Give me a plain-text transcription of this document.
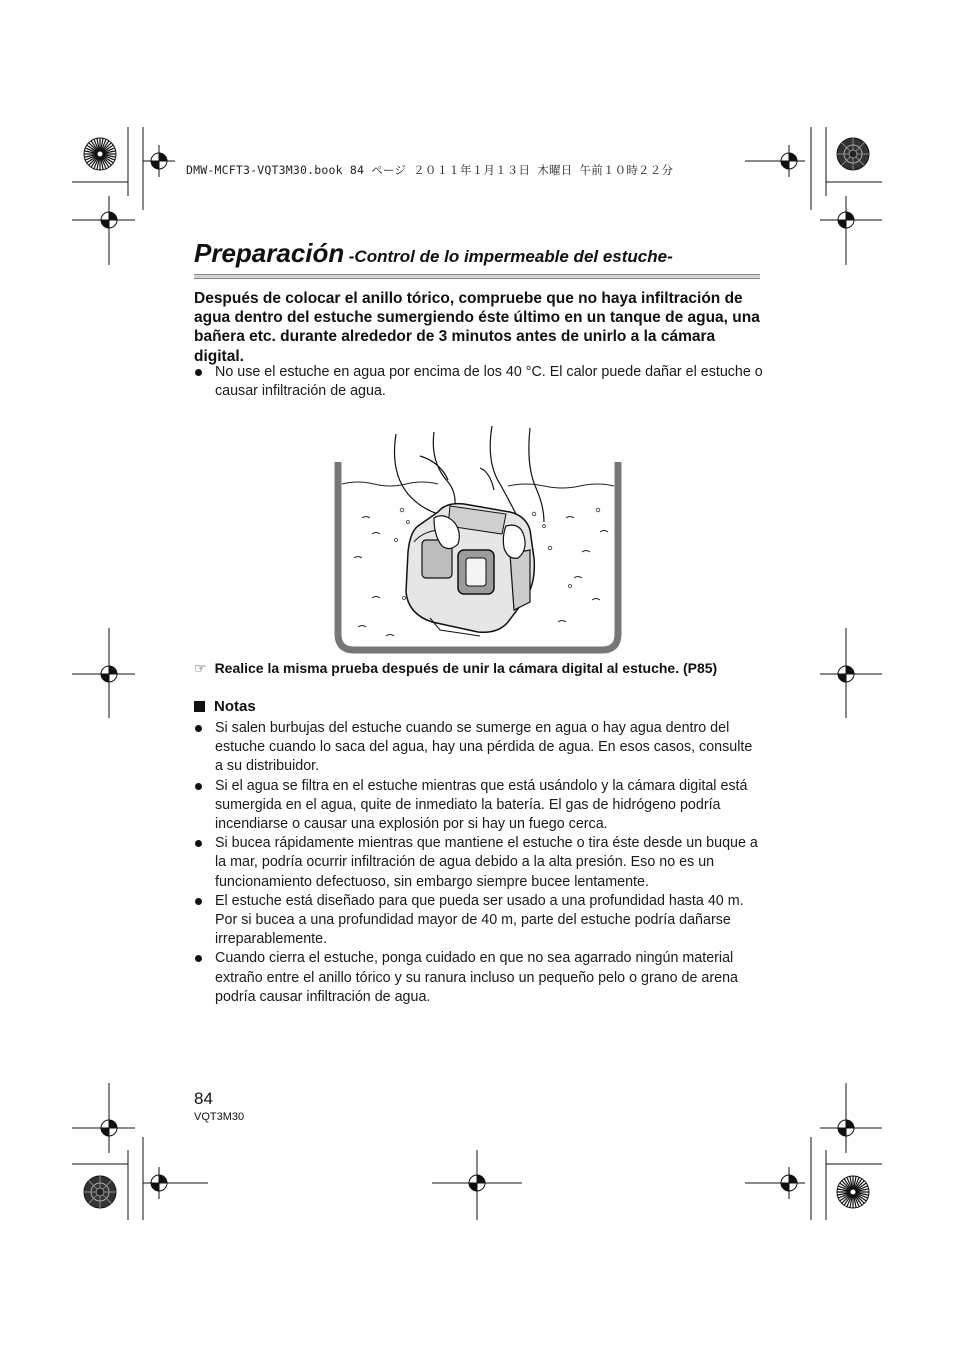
DMW-MCFT3-VQT3M30.book 84 ページ ２０１１年１月１３日 木曜日 午前１０時２２分
Preparación -Control de lo impermeable del estuche-
Después de colocar el anillo tórico, compruebe que no haya infiltración de agua dentro del estuche sumergiendo éste último en un tanque de agua, una bañera etc. durante alrededor de 3 minutos antes de unirlo a la cámara digital.
No use el estuche en agua por encima de los 40 °C. El calor puede dañar el estuche o causar infiltración de agua.
☞ Realice la misma prueba después de unir la cámara digital al estuche. (P85)
Notas
Si salen burbujas del estuche cuando se sumerge en agua o hay agua dentro del estuche cuando lo saca del agua, hay una pérdida de agua. En esos casos, consulte a su distribuidor.
Si el agua se filtra en el estuche mientras que está usándolo y la cámara digital está sumergida en el agua, quite de inmediato la batería. El gas de hidrógeno podría incendiarse o causar una explosión por si hay un fuego cerca.
Si bucea rápidamente mientras que mantiene el estuche o tira éste desde un buque a la mar, podría ocurrir infiltración de agua debido a la alta presión. Eso no es un funcionamiento defectuoso, sin embargo siempre bucee lentamente.
El estuche está diseñado para que pueda ser usado a una profundidad hasta 40 m. Por si bucea a una profundidad mayor de 40 m, parte del estuche podría dañarse irreparablemente.
Cuando cierra el estuche, ponga cuidado en que no sea agarrado ningún material extraño entre el anillo tórico y su ranura incluso un pequeño pelo o grano de arena podría causar infiltración de agua.
84
VQT3M30
